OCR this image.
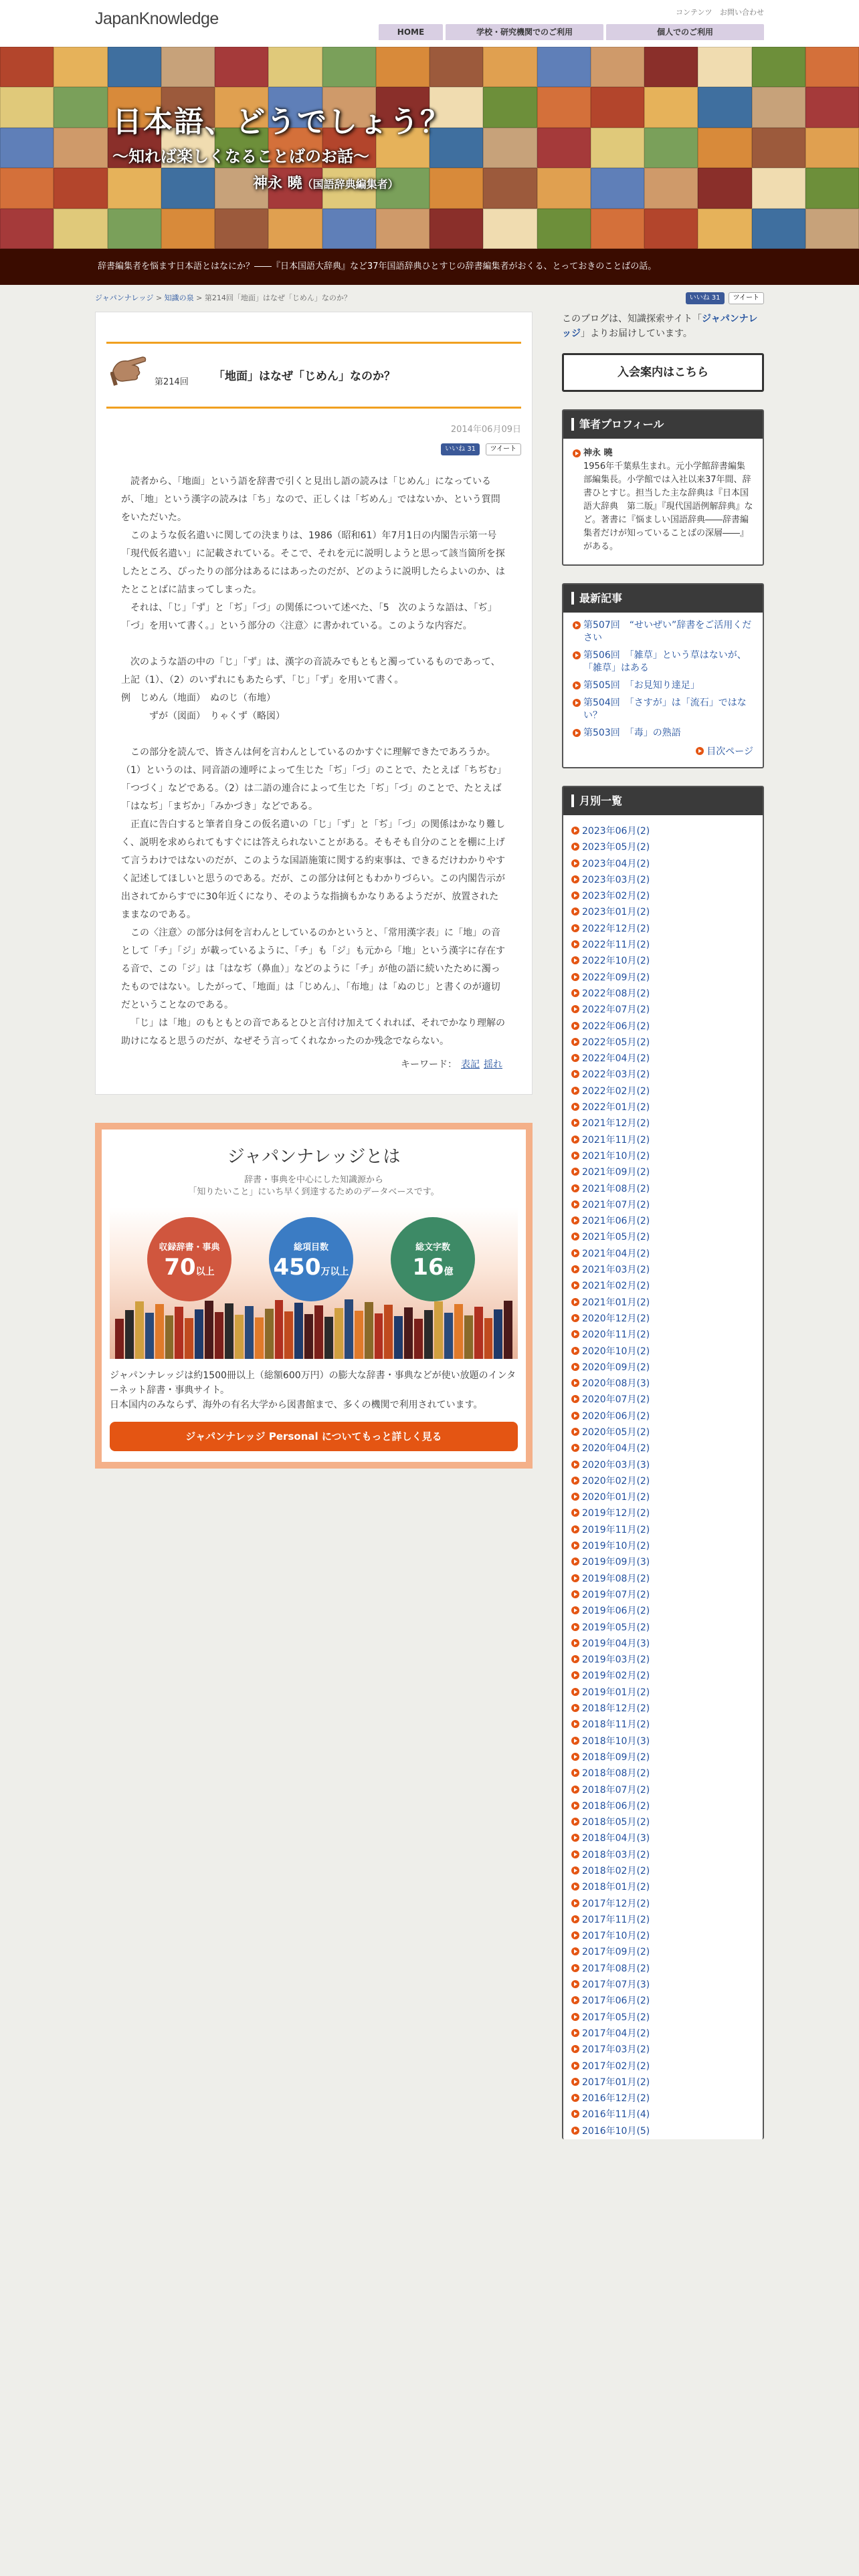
JapanKnowledge	コンテンツ お問い合わせ
HOME	学校・研究機関でのご利用	個人でのご利用
日本語、どうでしょう？
～知れば楽しくなることばのお話～
神永 曉（国語辞典編集者）
辞書編集者を悩ます日本語とはなにか？――『日本国語大辞典』など37年国語辞典ひとすじの辞書編集者がおくる、とっておきのことばの話。
ジャパンナレッジ > 知識の泉 > 第214回「地面」はなぜ「じめん」なのか？	いいね 31	ツイート
第214回 「地面」はなぜ「じめん」なのか？
2014年06月09日
いいね 31 ツイート

読者から、「地面」という語を辞書で引くと見出し語の読みは「じめん」になっているが、「地」という漢字の読みは「ち」なので、正しくは「ぢめん」ではないか、という質問をいただいた。

このような仮名遣いに関しての決まりは、1986（昭和61）年7月1日の内閣告示第一号「現代仮名遣い」に記載されている。そこで、それを元に説明しようと思って該当箇所を探したところ、ぴったりの部分はあるにはあったのだが、どのように説明したらよいのか、はたとことばに詰まってしまった。

それは、「じ」「ず」と「ぢ」「づ」の関係について述べた、「5　次のような語は、「ぢ」「づ」を用いて書く。」という部分の〈注意〉に書かれている。このような内容だ。

次のような語の中の「じ」「ず」は、漢字の音読みでもともと濁っているものであって、上記（1）、（2）のいずれにもあたらず、「じ」「ず」を用いて書く。

例　じめん（地面）　ぬのじ（布地）

ずが（図面）　りゃくず（略図）

この部分を読んで、皆さんは何を言わんとしているのかすぐに理解できたであろうか。（1）というのは、同音語の連呼によって生じた「ぢ」「づ」のことで、たとえば「ちぢむ」「つづく」などである。（2）は二語の連合によって生じた「ぢ」「づ」のことで、たとえば「はなぢ」「まぢか」「みかづき」などである。

正直に告白すると筆者自身この仮名遣いの「じ」「ず」と「ぢ」「づ」の関係はかなり難しく、説明を求められてもすぐには答えられないことがある。そもそも自分のことを棚に上げて言うわけではないのだが、このような国語施策に関する約束事は、できるだけわかりやすく記述してほしいと思うのである。だが、この部分は何ともわかりづらい。この内閣告示が出されてからすでに30年近くになり、そのような指摘もかなりあるようだが、放置されたままなのである。

この〈注意〉の部分は何を言わんとしているのかというと、「常用漢字表」に「地」の音として「チ」「ジ」が載っているように、「チ」も「ジ」も元から「地」という漢字に存在する音で、この「ジ」は「はなぢ（鼻血）」などのように「チ」が他の語に続いたために濁ったものではない。したがって、「地面」は「じめん」、「布地」は「ぬのじ」と書くのが適切だということなのである。

「じ」は「地」のもともとの音であるとひと言付け加えてくれれば、それでかなり理解の助けになると思うのだが、なぜそう言ってくれなかったのか残念でならない。

キーワード： 表記 揺れ
ジャパンナレッジとは
辞書・事典を中心にした知識源から
「知りたいこと」にいち早く到達するためのデータベースです。
収録辞書・事典
70以上
総項目数
450万以上
総文字数
16億
ジャパンナレッジは約1500冊以上（総額600万円）の膨大な辞書・事典などが使い放題のインターネット辞書・事典サイト。
日本国内のみならず、海外の有名大学から図書館まで、多くの機関で利用されています。
ジャパンナレッジ Personal についてもっと詳しく見る
このブログは、知識探索サイト「ジャパンナレッジ」よりお届けしています。
入会案内はこちら
筆者プロフィール
神永 曉
1956年千葉県生まれ。元小学館辞書編集部編集長。小学館では入社以来37年間、辞書ひとすじ。担当した主な辞典は『日本国語大辞典　第二版』『現代国語例解辞典』など。著書に『悩ましい国語辞典――辞書編集者だけが知っていることばの深層――』がある。
最新記事
第507回　“せいぜい”辞書をご活用ください
第506回　「雑草」という草はないが、「雑草」はある
第505回　「お見知り達足」
第504回　「さすが」は「流石」ではない？
第503回　「毒」の熟語
目次ページ
月別一覧
2023年06月(2)
2023年05月(2)
2023年04月(2)
2023年03月(2)
2023年02月(2)
2023年01月(2)
2022年12月(2)
2022年11月(2)
2022年10月(2)
2022年09月(2)
2022年08月(2)
2022年07月(2)
2022年06月(2)
2022年05月(2)
2022年04月(2)
2022年03月(2)
2022年02月(2)
2022年01月(2)
2021年12月(2)
2021年11月(2)
2021年10月(2)
2021年09月(2)
2021年08月(2)
2021年07月(2)
2021年06月(2)
2021年05月(2)
2021年04月(2)
2021年03月(2)
2021年02月(2)
2021年01月(2)
2020年12月(2)
2020年11月(2)
2020年10月(2)
2020年09月(2)
2020年08月(3)
2020年07月(2)
2020年06月(2)
2020年05月(2)
2020年04月(2)
2020年03月(3)
2020年02月(2)
2020年01月(2)
2019年12月(2)
2019年11月(2)
2019年10月(2)
2019年09月(3)
2019年08月(2)
2019年07月(2)
2019年06月(2)
2019年05月(2)
2019年04月(3)
2019年03月(2)
2019年02月(2)
2019年01月(2)
2018年12月(2)
2018年11月(2)
2018年10月(3)
2018年09月(2)
2018年08月(2)
2018年07月(2)
2018年06月(2)
2018年05月(2)
2018年04月(3)
2018年03月(2)
2018年02月(2)
2018年01月(2)
2017年12月(2)
2017年11月(2)
2017年10月(2)
2017年09月(2)
2017年08月(2)
2017年07月(3)
2017年06月(2)
2017年05月(2)
2017年04月(2)
2017年03月(2)
2017年02月(2)
2017年01月(2)
2016年12月(2)
2016年11月(4)
2016年10月(5)
